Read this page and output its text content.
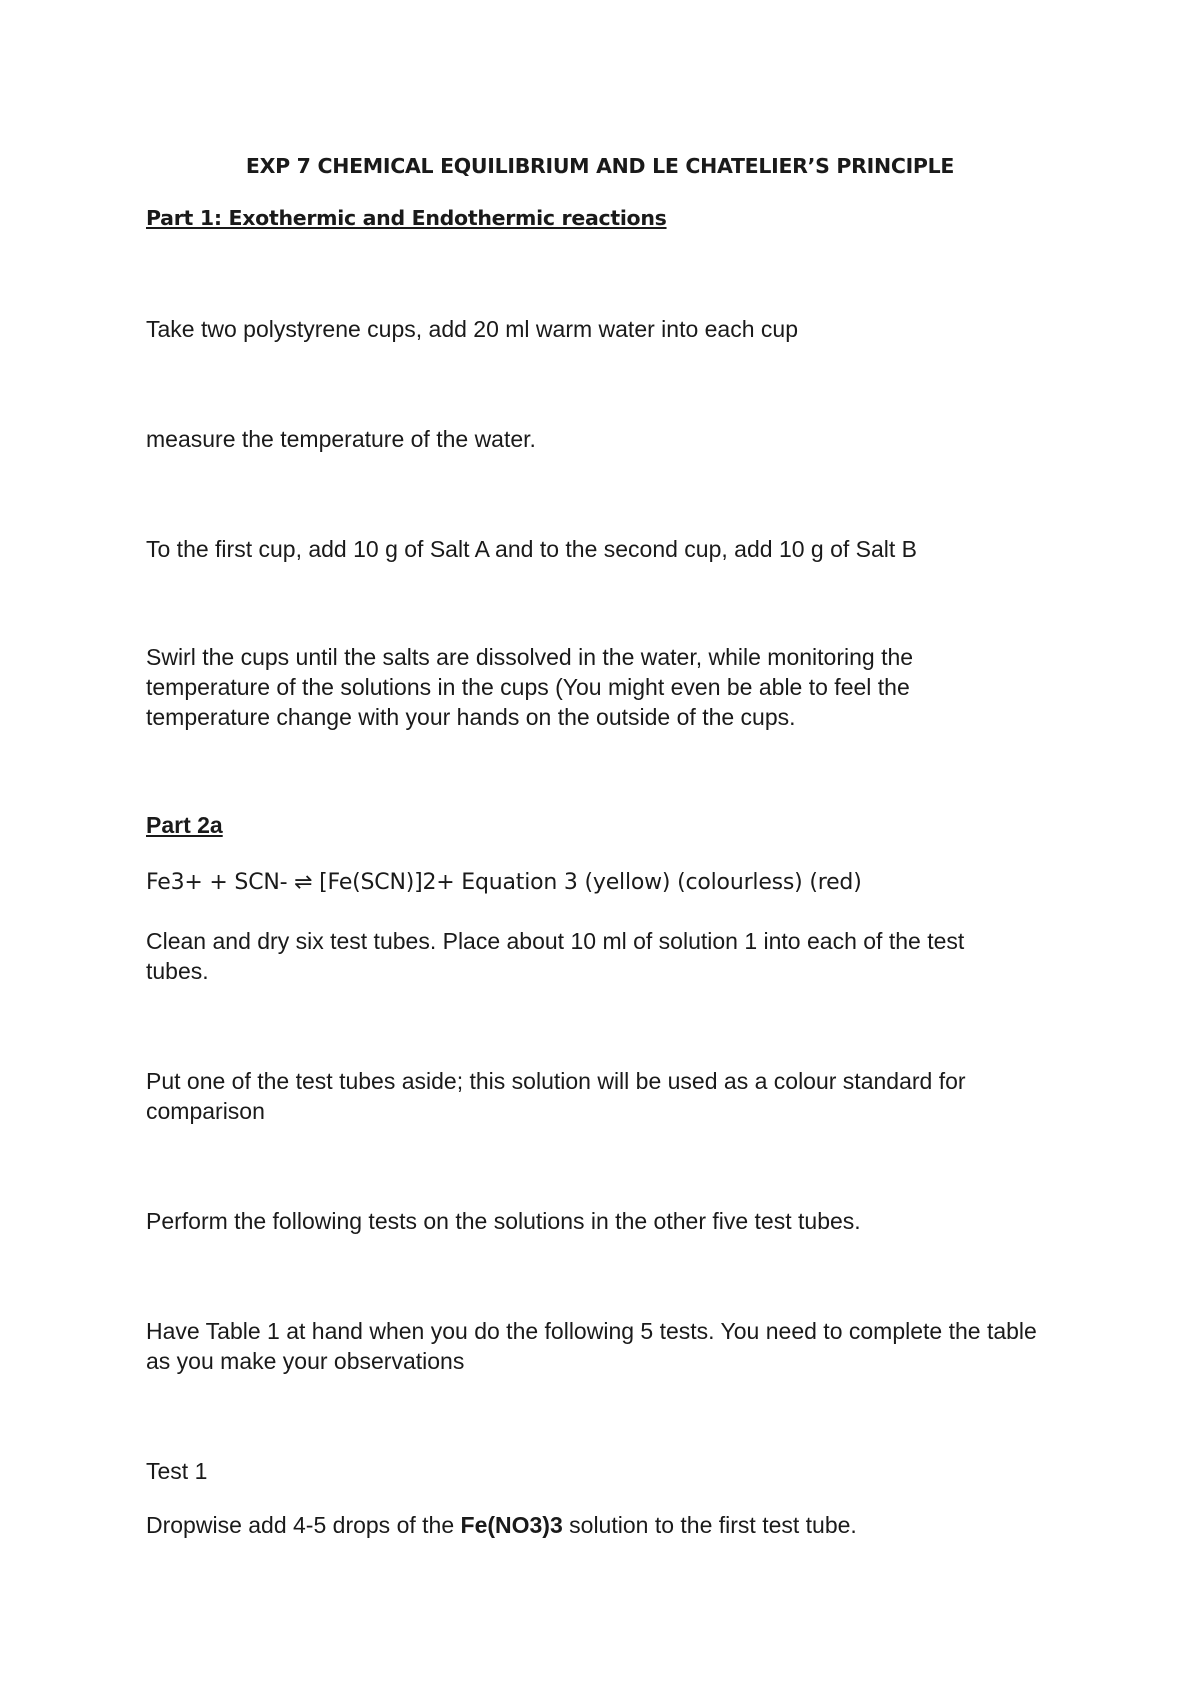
EXP 7 CHEMICAL EQUILIBRIUM AND LE CHATELIER’S PRINCIPLE

Part 1: Exothermic and Endothermic reactions

Take two polystyrene cups, add 20 ml warm water into each cup

measure the temperature of the water.

To the first cup, add 10 g of Salt A and to the second cup, add 10 g of Salt B

Swirl the cups until the salts are dissolved in the water, while monitoring the temperature of the solutions in the cups (You might even be able to feel the temperature change with your hands on the outside of the cups.

Part 2a

Fe3+ + SCN- ⇌ [Fe(SCN)]2+ Equation 3 (yellow) (colourless) (red)

Clean and dry six test tubes. Place about 10 ml of solution 1 into each of the test tubes.

Put one of the test tubes aside; this solution will be used as a colour standard for comparison

Perform the following tests on the solutions in the other five test tubes.

Have Table 1 at hand when you do the following 5 tests. You need to complete the table as you make your observations

Test 1

Dropwise add 4-5 drops of the Fe(NO3)3 solution to the first test tube.
